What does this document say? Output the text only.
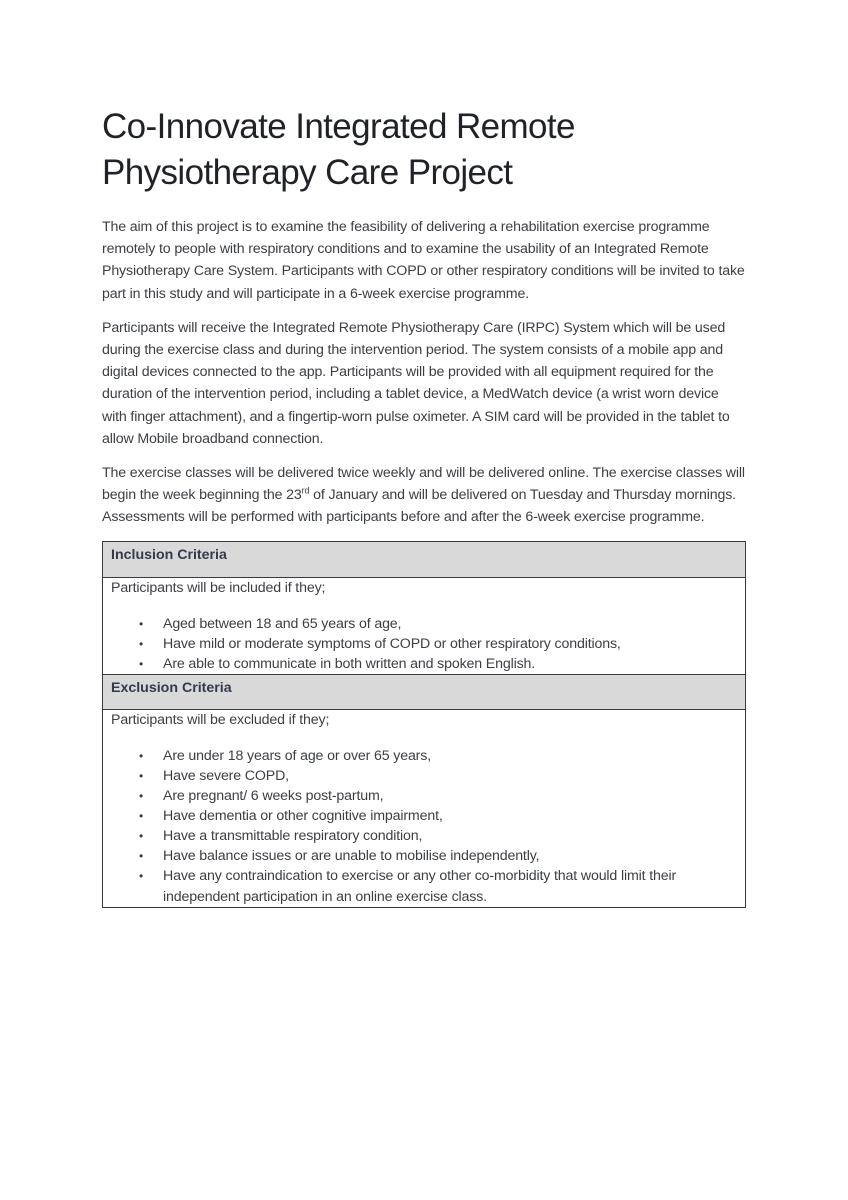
Co-Innovate Integrated Remote
Physiotherapy Care Project

The aim of this project is to examine the feasibility of delivering a rehabilitation exercise programme remotely to people with respiratory conditions and to examine the usability of an Integrated Remote Physiotherapy Care System. Participants with COPD or other respiratory conditions will be invited to take part in this study and will participate in a 6-week exercise programme.

Participants will receive the Integrated Remote Physiotherapy Care (IRPC) System which will be used during the exercise class and during the intervention period. The system consists of a mobile app and digital devices connected to the app. Participants will be provided with all equipment required for the duration of the intervention period, including a tablet device, a MedWatch device (a wrist worn device with finger attachment), and a fingertip-worn pulse oximeter. A SIM card will be provided in the tablet to allow Mobile broadband connection.

The exercise classes will be delivered twice weekly and will be delivered online. The exercise classes will begin the week beginning the 23rd of January and will be delivered on Tuesday and Thursday mornings. Assessments will be performed with participants before and after the 6-week exercise programme.

Inclusion Criteria
Participants will be included if they;
• Aged between 18 and 65 years of age,
• Have mild or moderate symptoms of COPD or other respiratory conditions,
• Are able to communicate in both written and spoken English.
Exclusion Criteria
Participants will be excluded if they;
• Are under 18 years of age or over 65 years,
• Have severe COPD,
• Are pregnant/ 6 weeks post-partum,
• Have dementia or other cognitive impairment,
• Have a transmittable respiratory condition,
• Have balance issues or are unable to mobilise independently,
• Have any contraindication to exercise or any other co-morbidity that would limit their independent participation in an online exercise class.
